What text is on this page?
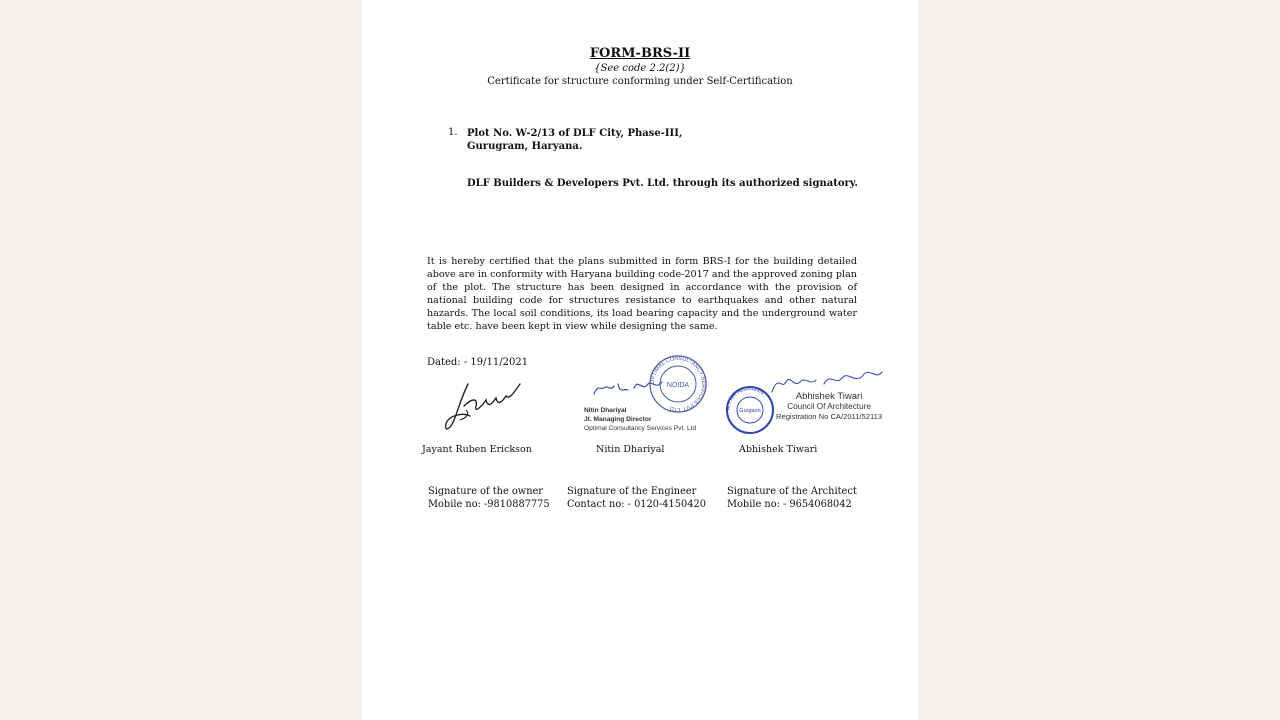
FORM-BRS-II
{See code 2.2(2)}
Certificate for structure conforming under Self-Certification
1. Plot No. W-2/13 of DLF City, Phase-III,
Gurugram, Haryana.
DLF Builders & Developers Pvt. Ltd. through its authorized signatory.
It is hereby certified that the plans submitted in form BRS-I for the building detailed above are in conformity with Haryana building code-2017 and the approved zoning plan of the plot. The structure has been designed in accordance with the provision of national building code for structures resistance to earthquakes and other natural hazards. The local soil conditions, its load bearing capacity and the underground water table etc. have been kept in view while designing the same.
Dated: - 19/11/2021
OPTIMAL CONSULTANCY SERVICES PVT. LTD.
NOIDA
Nitin Dhariyal
Jt. Managing Director
Optimal Consultancy Services Pvt. Ltd
A.T.AR Associates
Gurgaon
Abhishek Tiwari
Council Of Architecture
Registration No CA/2011/52113
Jayant Ruben Erickson	Nitin Dhariyal	Abhishek Tiwari
Signature of the owner
Mobile no: -9810887775
Signature of the Engineer
Contact no: - 0120-4150420
Signature of the Architect
Mobile no: - 9654068042
